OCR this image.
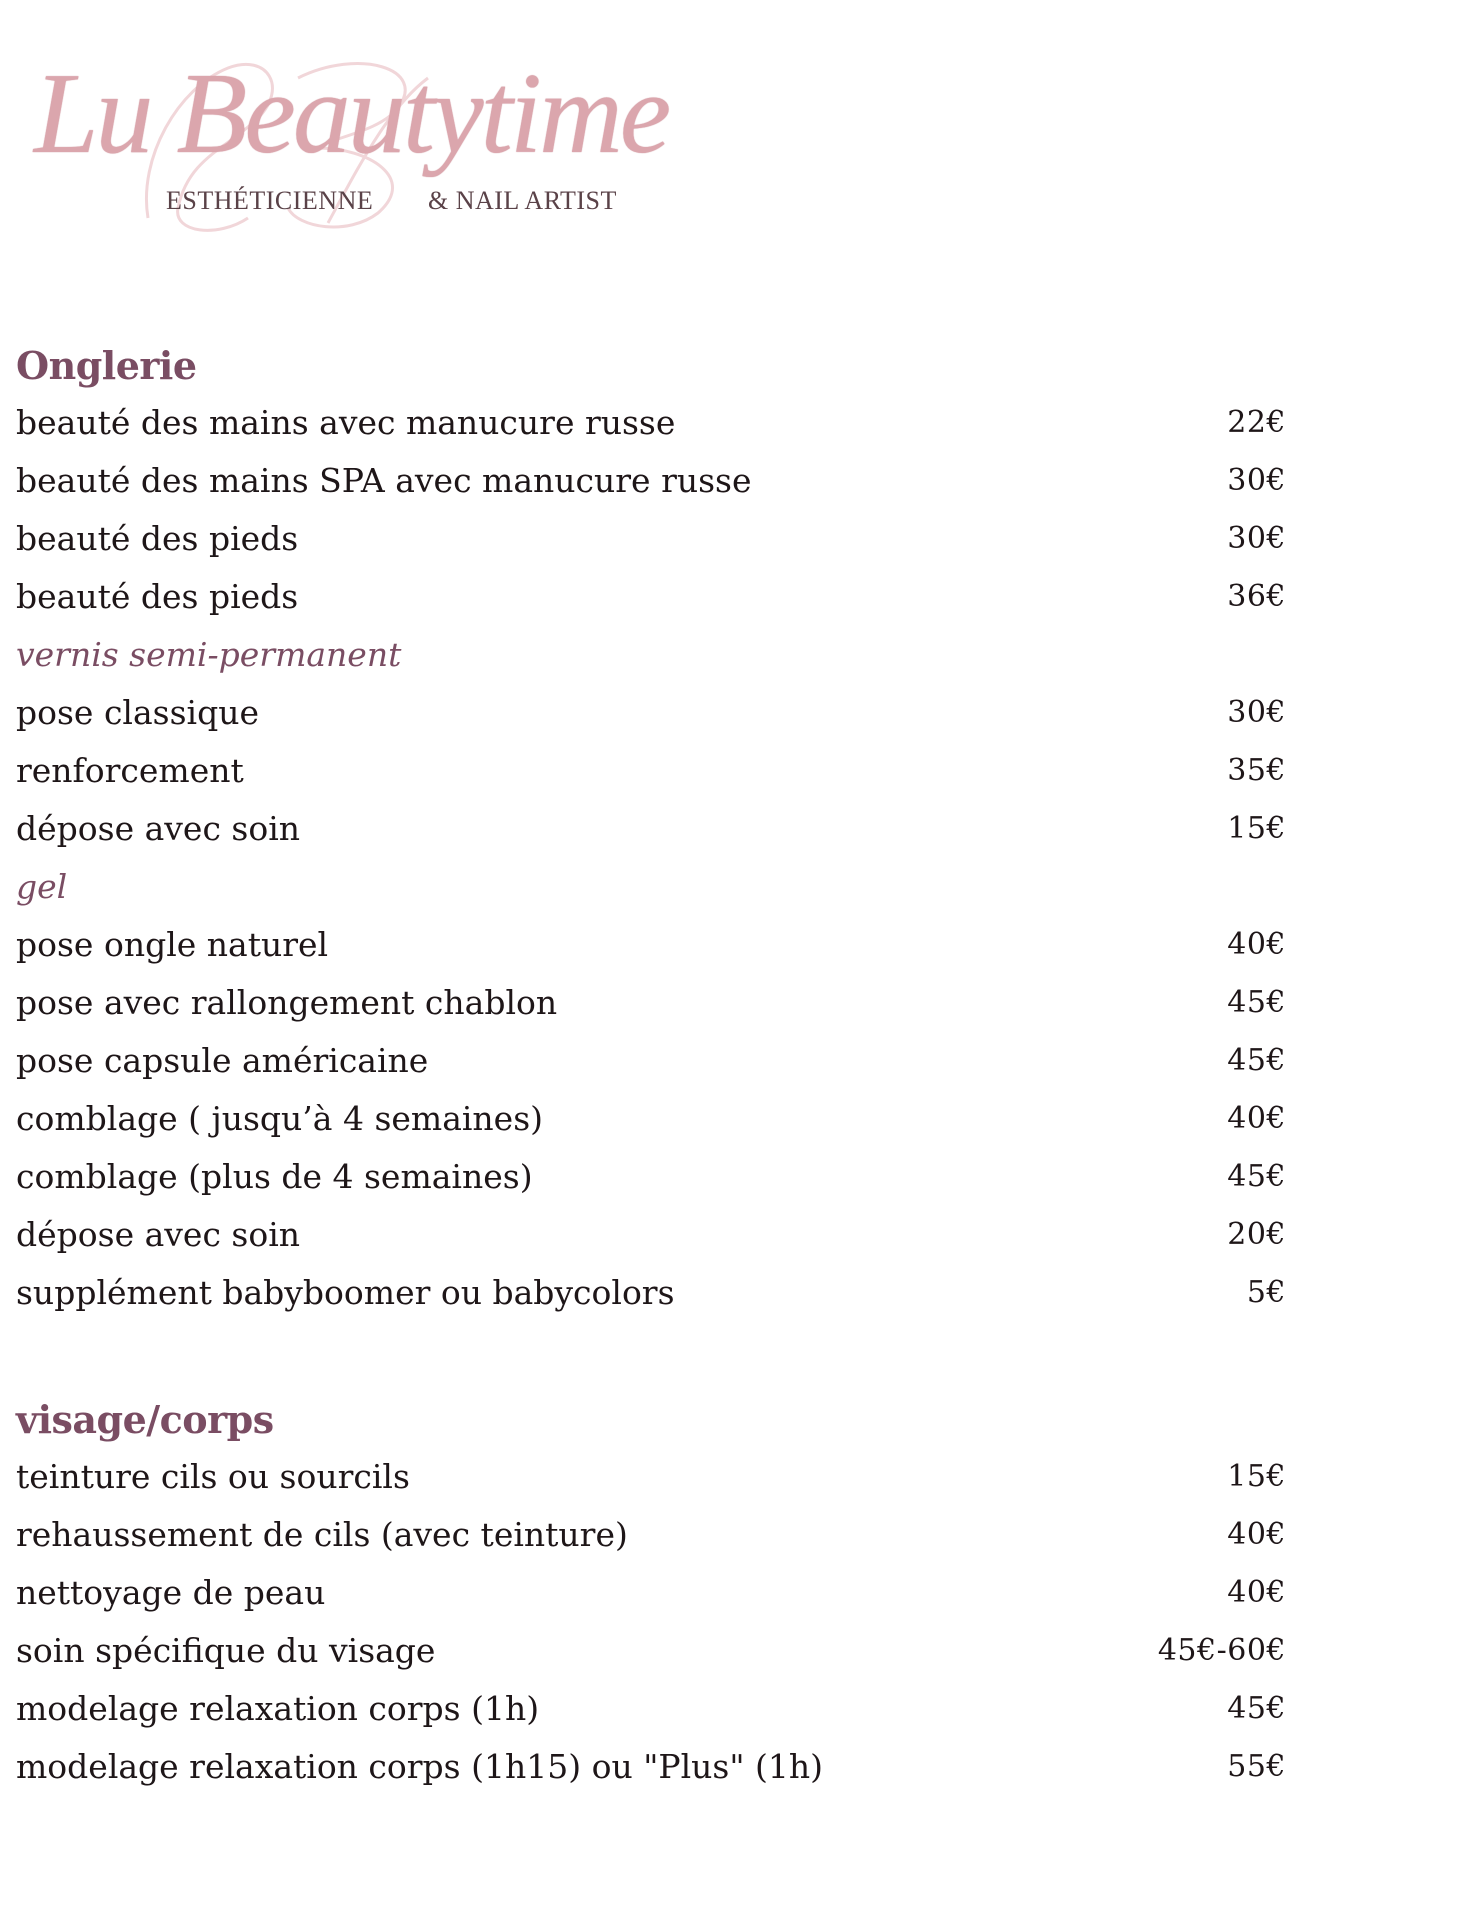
Lu Beautytime
ESTHÉTICIENNE & NAIL ARTIST
Onglerie
beauté des mains avec manucure russe	22€
beauté des mains SPA avec manucure russe	30€
beauté des pieds	30€
beauté des pieds	36€
vernis semi-permanent
pose classique	30€
renforcement	35€
dépose avec soin	15€
gel
pose ongle naturel	40€
pose avec rallongement chablon	45€
pose capsule américaine	45€
comblage ( jusqu’à 4 semaines)	40€
comblage (plus de 4 semaines)	45€
dépose avec soin	20€
supplément babyboomer ou babycolors	5€
visage/corps
teinture cils ou sourcils	15€
rehaussement de cils (avec teinture)	40€
nettoyage de peau	40€
soin spécifique du visage	45€-60€
modelage relaxation corps (1h)	45€
modelage relaxation corps (1h15) ou "Plus" (1h)	55€
